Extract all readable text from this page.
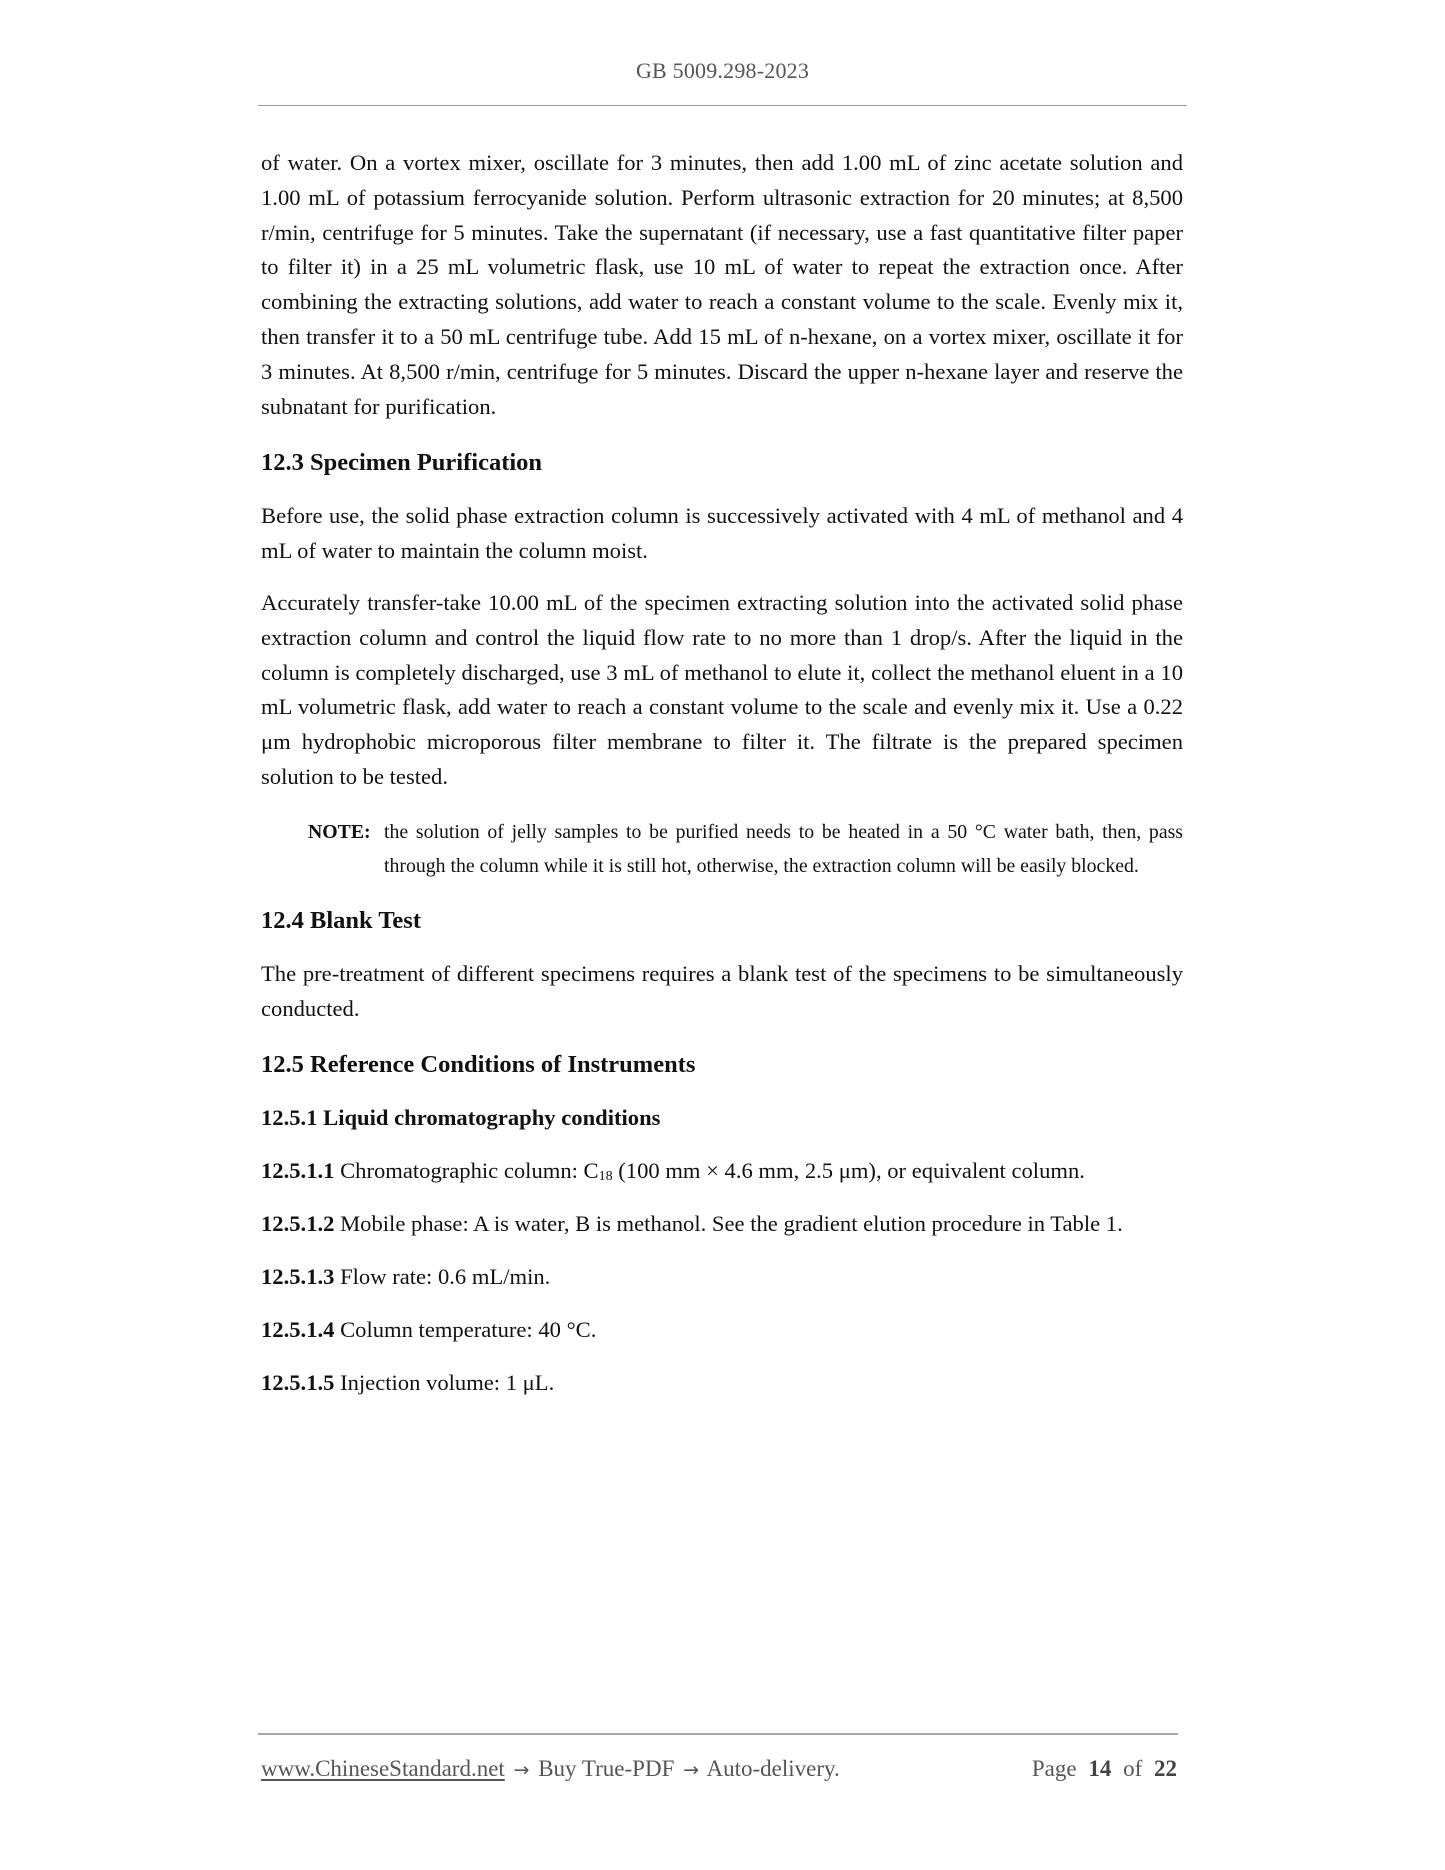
GB 5009.298-2023

of water. On a vortex mixer, oscillate for 3 minutes, then add 1.00 mL of zinc acetate solution and 1.00 mL of potassium ferrocyanide solution. Perform ultrasonic extraction for 20 minutes; at 8,500 r/min, centrifuge for 5 minutes. Take the supernatant (if necessary, use a fast quantitative filter paper to filter it) in a 25 mL volumetric flask, use 10 mL of water to repeat the extraction once. After combining the extracting solutions, add water to reach a constant volume to the scale. Evenly mix it, then transfer it to a 50 mL centrifuge tube. Add 15 mL of n-hexane, on a vortex mixer, oscillate it for 3 minutes. At 8,500 r/min, centrifuge for 5 minutes. Discard the upper n-hexane layer and reserve the subnatant for purification.

12.3 Specimen Purification

Before use, the solid phase extraction column is successively activated with 4 mL of methanol and 4 mL of water to maintain the column moist.

Accurately transfer-take 10.00 mL of the specimen extracting solution into the activated solid phase extraction column and control the liquid flow rate to no more than 1 drop/s. After the liquid in the column is completely discharged, use 3 mL of methanol to elute it, collect the methanol eluent in a 10 mL volumetric flask, add water to reach a constant volume to the scale and evenly mix it. Use a 0.22 μm hydrophobic microporous filter membrane to filter it. The filtrate is the prepared specimen solution to be tested.

NOTE: the solution of jelly samples to be purified needs to be heated in a 50 °C water bath, then, pass through the column while it is still hot, otherwise, the extraction column will be easily blocked.
12.4 Blank Test

The pre-treatment of different specimens requires a blank test of the specimens to be simultaneously conducted.

12.5 Reference Conditions of Instruments
12.5.1 Liquid chromatography conditions

12.5.1.1 Chromatographic column: $C_{18}$ (100 mm × 4.6 mm, 2.5 μm), or equivalent column.

12.5.1.2 Mobile phase: A is water, B is methanol. See the gradient elution procedure in Table 1.

12.5.1.3 Flow rate: 0.6 mL/min.

12.5.1.4 Column temperature: 40 °C.

12.5.1.5 Injection volume: 1 μL.

www.ChineseStandard.net → Buy True-PDF → Auto-delivery.	Page 14 of 22
